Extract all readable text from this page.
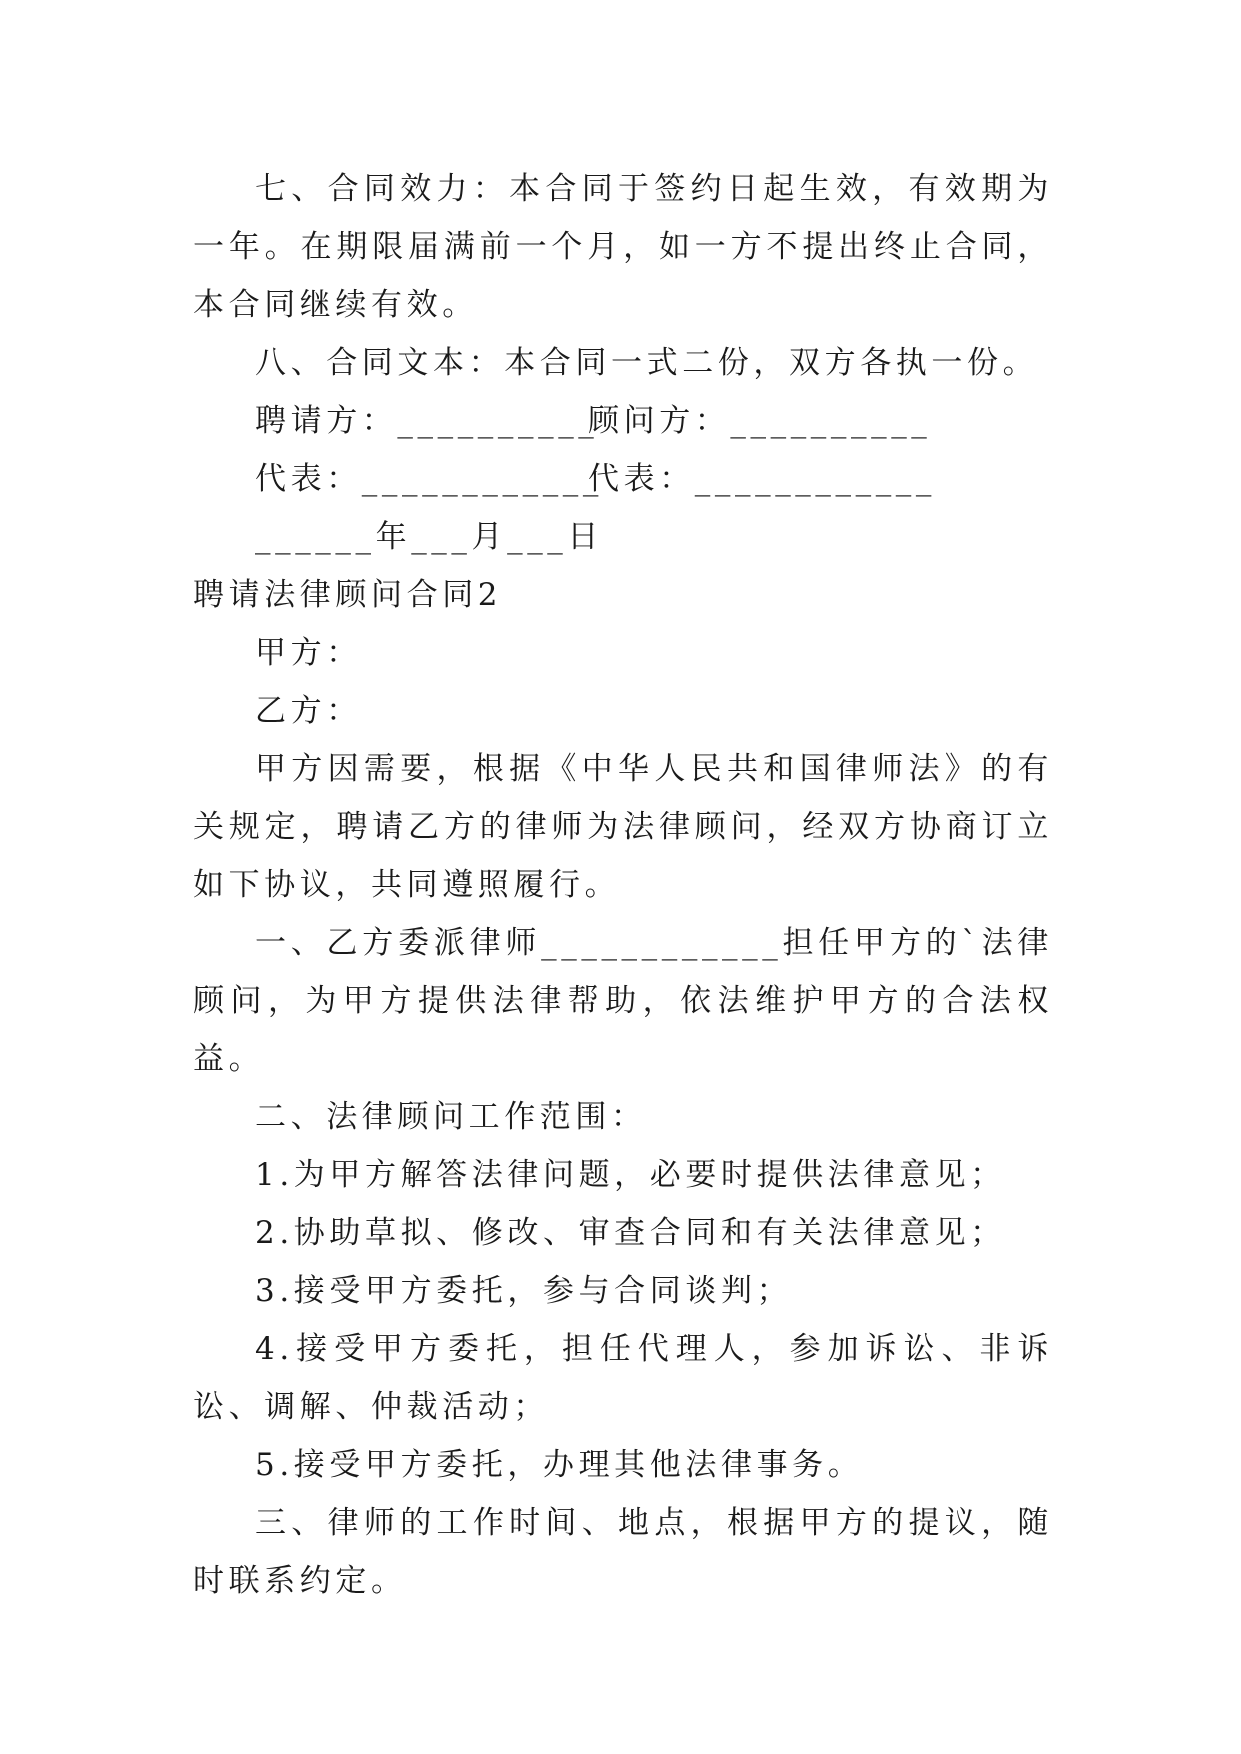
七、合同效力：本合同于签约日起生效，有效期为一年。在期限届满前一个月，如一方不提出终止合同，本合同继续有效。

八、合同文本：本合同一式二份，双方各执一份。

聘请方：__________顾问方：__________
代表：____________代表：____________
______年___月___日

聘请法律顾问合同2

甲方：

乙方：

甲方因需要，根据《中华人民共和国律师法》的有关规定，聘请乙方的律师为法律顾问，经双方协商订立如下协议，共同遵照履行。

一、乙方委派律师____________担任甲方的`法律顾问，为甲方提供法律帮助，依法维护甲方的合法权益。

二、法律顾问工作范围：

1.为甲方解答法律问题，必要时提供法律意见；

2.协助草拟、修改、审查合同和有关法律意见；

3.接受甲方委托，参与合同谈判；

4.接受甲方委托，担任代理人，参加诉讼、非诉讼、调解、仲裁活动；

5.接受甲方委托，办理其他法律事务。

三、律师的工作时间、地点，根据甲方的提议，随时联系约定。
